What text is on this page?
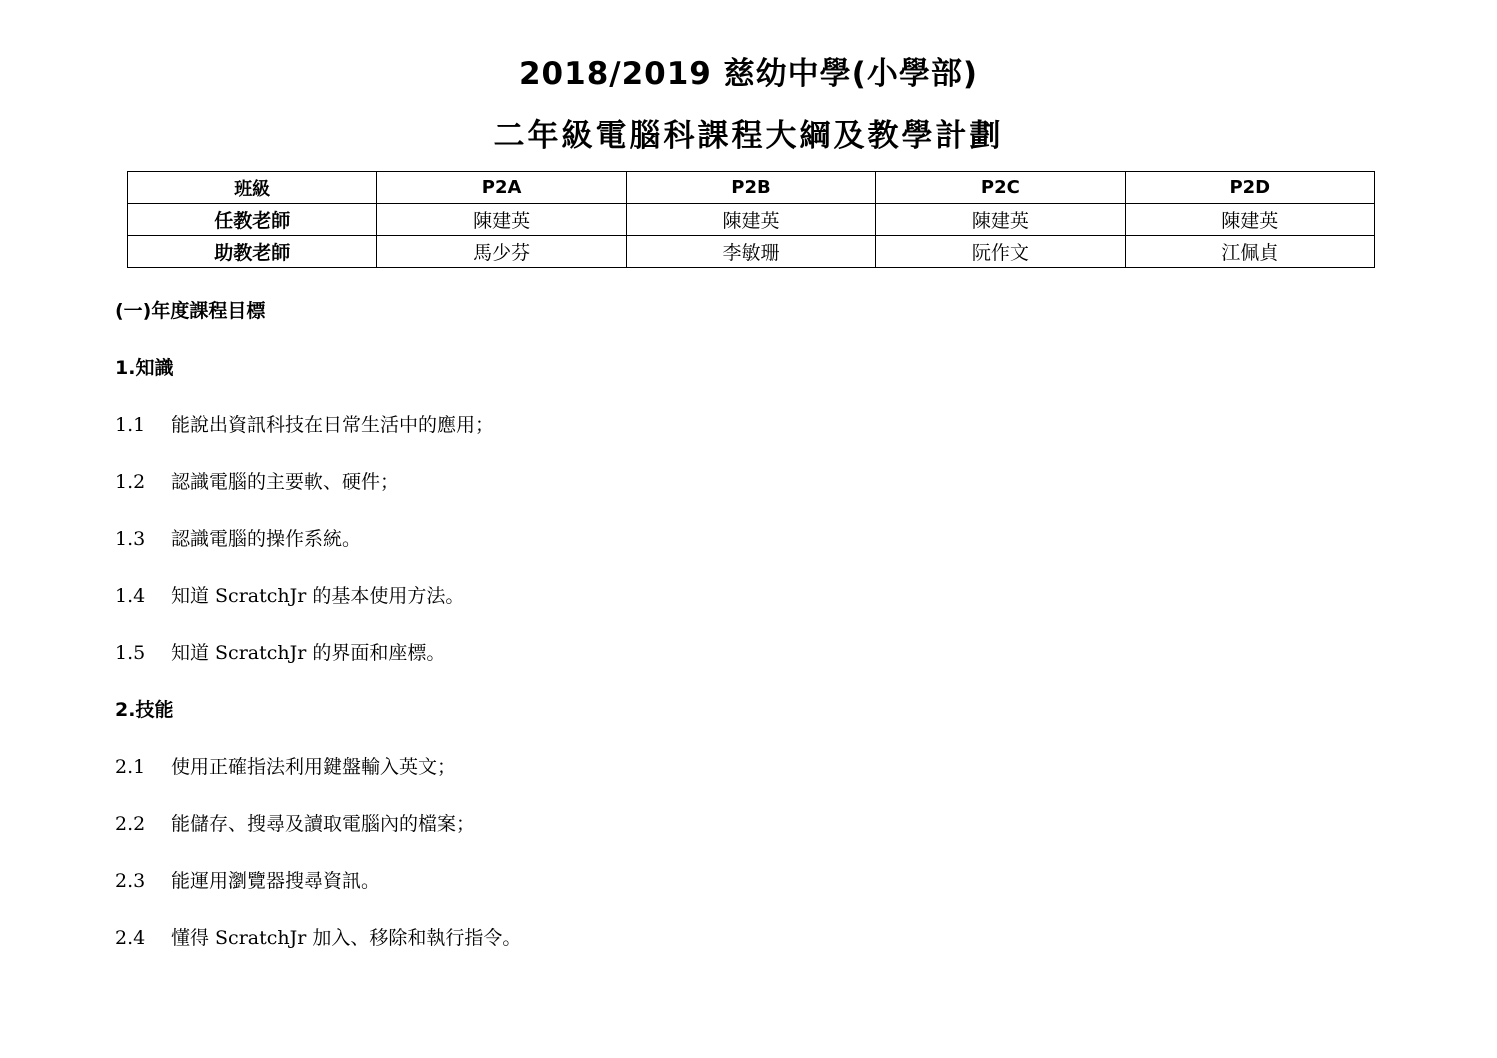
2018/2019 慈幼中學(小學部)
二年級電腦科課程大綱及教學計劃
班級	P2A	P2B	P2C	P2D
任教老師	陳建英	陳建英	陳建英	陳建英
助教老師	馬少芬	李敏珊	阮作文	江佩貞
(一)年度課程目標
1.知識
1.1 能說出資訊科技在日常生活中的應用；
1.2 認識電腦的主要軟、硬件；
1.3 認識電腦的操作系統。
1.4 知道 ScratchJr 的基本使用方法。
1.5 知道 ScratchJr 的界面和座標。
2.技能
2.1 使用正確指法利用鍵盤輸入英文；
2.2 能儲存、搜尋及讀取電腦內的檔案；
2.3 能運用瀏覽器搜尋資訊。
2.4 懂得 ScratchJr 加入、移除和執行指令。
